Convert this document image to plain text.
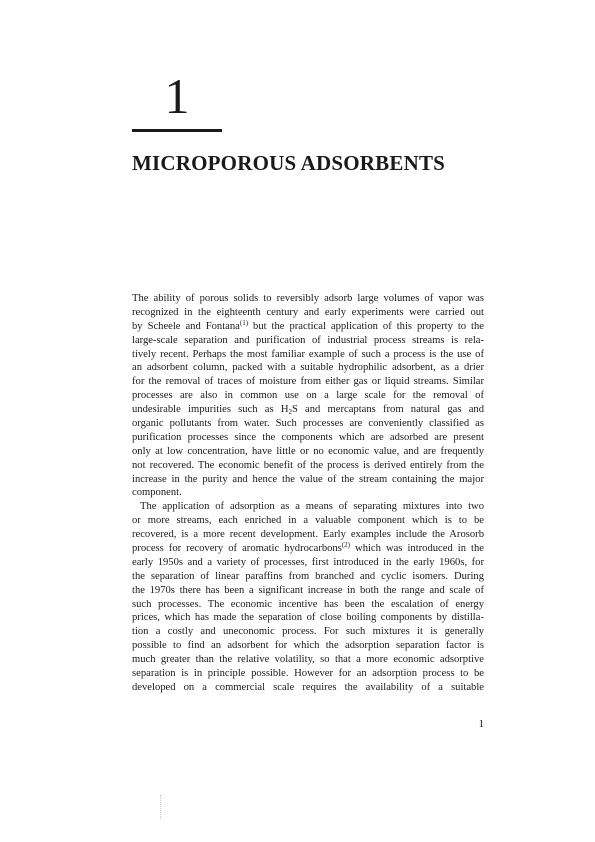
1
MICROPOROUS ADSORBENTS
The ability of porous solids to reversibly adsorb large volumes of vapor was
recognized in the eighteenth century and early experiments were carried out
by Scheele and Fontana$^{(1)}$ but the practical application of this property to the
large-scale separation and purification of industrial process streams is rela-
tively recent. Perhaps the most familiar example of such a process is the use of
an adsorbent column, packed with a suitable hydrophilic adsorbent, as a drier
for the removal of traces of moisture from either gas or liquid streams. Similar
processes are also in common use on a large scale for the removal of
undesirable impurities such as $H_2S$ and mercaptans from natural gas and
organic pollutants from water. Such processes are conveniently classified as
purification processes since the components which are adsorbed are present
only at low concentration, have little or no economic value, and are frequently
not recovered. The economic benefit of the process is derived entirely from the
increase in the purity and hence the value of the stream containing the major
component.
The application of adsorption as a means of separating mixtures into two
or more streams, each enriched in a valuable component which is to be
recovered, is a more recent development. Early examples include the Arosorb
process for recovery of aromatic hydrocarbons$^{(2)}$ which was introduced in the
early 1950s and a variety of processes, first introduced in the early 1960s, for
the separation of linear paraffins from branched and cyclic isomers. During
the 1970s there has been a significant increase in both the range and scale of
such processes. The economic incentive has been the escalation of energy
prices, which has made the separation of close boiling components by distilla-
tion a costly and uneconomic process. For such mixtures it is generally
possible to find an adsorbent for which the adsorption separation factor is
much greater than the relative volatility, so that a more economic adsorptive
separation is in principle possible. However for an adsorption process to be
developed on a commercial scale requires the availability of a suitable
1
